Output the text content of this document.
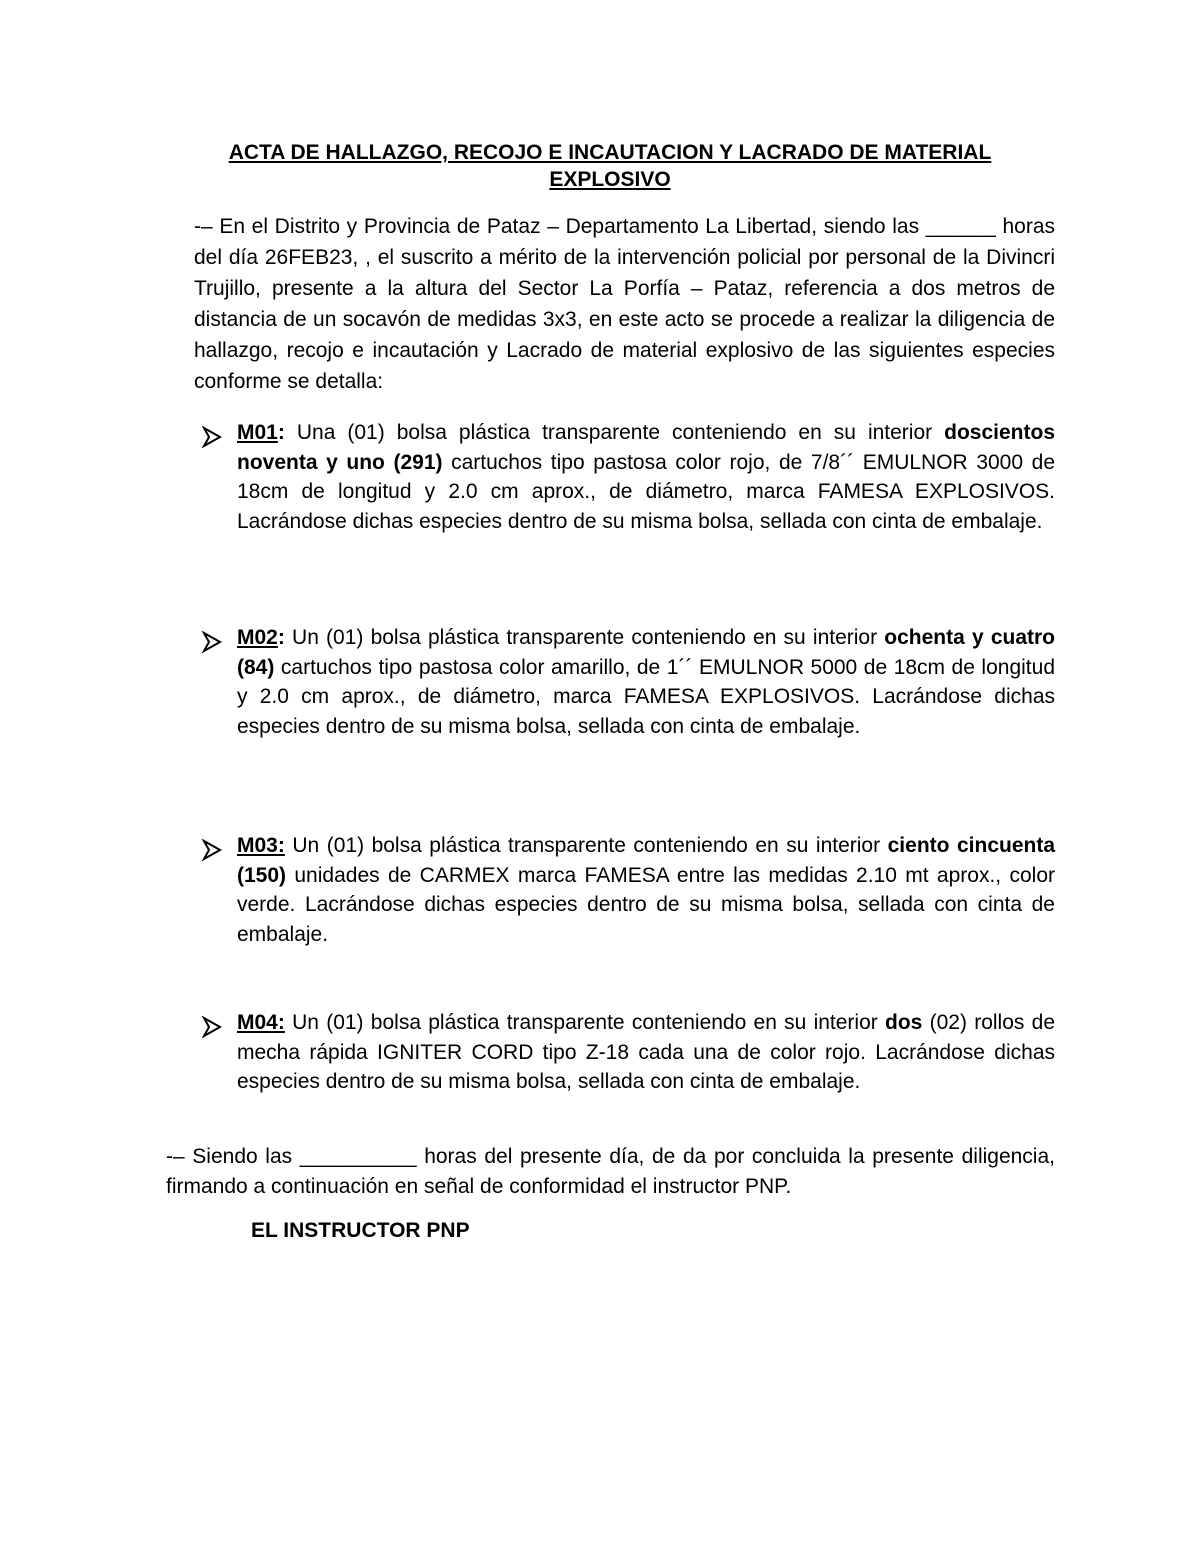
ACTA DE HALLAZGO, RECOJO E INCAUTACION Y LACRADO DE MATERIAL
EXPLOSIVO
-– En el Distrito y Provincia de Pataz – Departamento La Libertad, siendo las ______ horas del día 26FEB23, , el suscrito a mérito de la intervención policial por personal de la Divincri Trujillo, presente a la altura del Sector La Porfía – Pataz, referencia a dos metros de distancia de un socavón de medidas 3x3, en este acto se procede a realizar la diligencia de hallazgo, recojo e incautación y Lacrado de material explosivo de las siguientes especies conforme se detalla:
M01: Una (01) bolsa plástica transparente conteniendo en su interior doscientos noventa y uno (291) cartuchos tipo pastosa color rojo, de 7/8´´ EMULNOR 3000 de 18cm de longitud y 2.0 cm aprox., de diámetro, marca FAMESA EXPLOSIVOS. Lacrándose dichas especies dentro de su misma bolsa, sellada con cinta de embalaje.
M02: Un (01) bolsa plástica transparente conteniendo en su interior ochenta y cuatro (84) cartuchos tipo pastosa color amarillo, de 1´´ EMULNOR 5000 de 18cm de longitud y 2.0 cm aprox., de diámetro, marca FAMESA EXPLOSIVOS. Lacrándose dichas especies dentro de su misma bolsa, sellada con cinta de embalaje.
M03: Un (01) bolsa plástica transparente conteniendo en su interior ciento cincuenta (150) unidades de CARMEX marca FAMESA entre las medidas 2.10 mt aprox., color verde. Lacrándose dichas especies dentro de su misma bolsa, sellada con cinta de embalaje.
M04: Un (01) bolsa plástica transparente conteniendo en su interior dos (02) rollos de mecha rápida IGNITER CORD tipo Z-18 cada una de color rojo. Lacrándose dichas especies dentro de su misma bolsa, sellada con cinta de embalaje.
-– Siendo las __________ horas del presente día, de da por concluida la presente diligencia, firmando a continuación en señal de conformidad el instructor PNP.
EL INSTRUCTOR PNP
